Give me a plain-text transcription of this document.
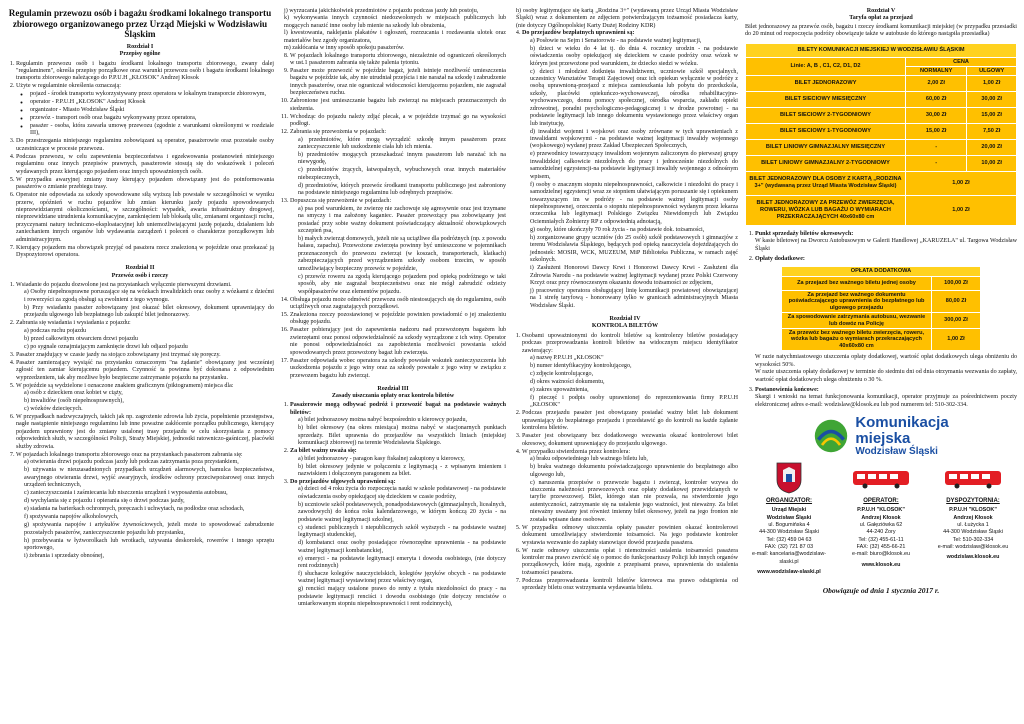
Regulamin przewozu osób i bagażu środkami lokalnego transportu zbiorowego organizowanego przez Urząd Miejski w Wodzisławiu Śląskim
Rozdział I
Przepisy ogólne
1. Regulamin przewozu osób i bagażu środkami lokalnego transportu zbiorowego, zwany dalej "regulaminem", określa przepisy porządkowe oraz warunki przewozu osób i bagażu środkami lokalnego transportu zbiorowego należącego do P.P.U.H „KŁOSOK" Andrzej Kłosok
2. Użyte w regulaminie określenia oznaczają:
◦ pojazd - środek transportu wykorzystywany przez operatora w lokalnym transporcie zbiorowym,
◦ operator - P.P.U.H „KŁOSOK" Andrzej Kłosok
◦ organizator - Miasto Wodzisław Śląski
◦ przewóz - transport osób oraz bagażu wykonywany przez operatora,
◦ pasażer - osoba, która zawarła umowę przewozu (zgodnie z warunkami określonymi w rozdziale III),
3. Do przestrzegania niniejszego regulaminu zobowiązani są operator, pasażerowie oraz pozostałe osoby uczestniczące w procesie przewozu.
4. Podczas przewozu, w celu zapewnienia bezpieczeństwa i egzekwowania postanowień niniejszego regulaminu oraz innych przepisów prawnych, pasażerowie stosują się do wskazówek i poleceń wydawanych przez kierującego pojazdem oraz innych upoważnionych osób.
5. W przypadku awaryjnej zmiany trasy kierujący pojazdem obowiązany jest do poinformowania pasażerów o zmianie przebiegu trasy.
6. Operator nie odpowiada za szkody spowodowane siłą wyższą lub powstałe w szczególności w wyniku przerw, opóźnień w ruchu pojazdów lub zmian kierunku jazdy pojazdu spowodowanych nieprzewidzianymi okolicznościami, w szczególności: wypadek, awaria infrastruktury drogowej, nieprzewidziane utrudnienia komunikacyjne, zamknięciem lub blokadą ulic, zmianami organizacji ruchu, przyczynami natury techniczno-eksploatacyjnej lub uniemożliwiającymi jazdę pojazdu, działaniem lub zaniechaniem innych organów lub wydawania zarządzeń i poleceń o charakterze porządkowym lub administracyjnym.
7. Kierujący pojazdem ma obowiązek przyjąć od pasażera rzecz znalezioną w pojeździe oraz przekazać ją Dyspozytorowi operatora.
Rozdział II
Przewóz osób i rzeczy
1. Wsiadanie do pojazdu dozwolone jest na przystankach wyłącznie pierwszymi drzwiami.
a) Osoby niepełnosprawne poruszające się na wózkach inwalidzkich oraz osoby z wózkami z dziećmi i rowerzyści za zgodą obsługi są zwolnieni z tego wymogu.
b) Przy wsiadaniu pasażer zobowiązany jest okazać bilet okresowy, dokument uprawniający do przejazdu ulgowego lub bezpłatnego lub zakupić bilet jednorazowy.
2. Zabrania się wsiadania i wysiadania z pojazdu:
a) podczas ruchu pojazdu
b) przed całkowitym otwarciem drzwi pojazdu
c) po sygnale oznajmiającym zamknięcie drzwi lub odjazd pojazdu
3. Pasażer znajdujący w czasie jazdy na stojąco zobowiązany jest trzymać się poręczy.
4. Pasażer zamierzający wysiąść na przystanku oznaczonym "na żądanie" obowiązany jest wcześniej zgłosić ten zamiar kierującemu pojazdem. Czynność ta powinna być dokonana z odpowiednim wyprzedzeniem, tak aby możliwe było bezpieczne zatrzymanie pojazdu na przystanku.
5. W pojeździe są wydzielone i oznaczone znakiem graficznym (piktogramem) miejsca dla:
a) osób z dzieckiem oraz kobiet w ciąży,
b) inwalidów (osób niepełnosprawnych),
c) wózków dziecięcych.
6. W przypadkach nadzwyczajnych, takich jak np. zagrożenie zdrowia lub życia, popełnienie przestępstwa, nagłe nastąpienie niniejszego regulaminu lub inne poważne zakłócenie porządku publicznego, kierujący pojazdem uprawniony jest do zmiany ustalonej trasy przejazdu w celu skorzystania z pomocy odpowiednich służb, w szczególności Policji, Straży Miejskiej, jednostki ratowniczo-gaśniczej, placówki służby zdrowia.
7. W pojazdach lokalnego transportu zbiorowego oraz na przystankach pasażerom zabrania się:
a) otwierania drzwi pojazdu podczas jazdy lub podczas zatrzymania poza przystankiem,
b) używania w nieuzasadnionych przypadkach urządzeń alarmowych, hamulca bezpieczeństwa, awaryjnego otwierania drzwi, wyjść awaryjnych, środków ochrony przeciwpożarowej oraz innych urządzeń technicznych,
c) zanieczyszczania i zaśmiecania lub niszczenia urządzeń i wyposażenia autobusu,
d) wychylania się z pojazdu i opierania się o drzwi podczas jazdy,
e) siadania na barierkach ochronnych, poręczach i uchwytach, na podłodze oraz schodach,
f) spożywania napojów alkoholowych,
g) spożywania napojów i artykułów żywnościowych, jeżeli może to spowodować zabrudzenie pozostałych pasażerów, zanieczyszczenie pojazdu lub przystanku,
h) przebywania w łyżworolkach lub wrotkach, używania deskorolek, rowerów i innego sprzętu sportowego,
i) żebrania i sprzedaży obnośnej,
j) wyrzucania jakichkolwiek przedmiotów z pojazdu podczas jazdy lub postoju,
k) wykonywania innych czynności niedozwolonych w miejscach publicznych lub mogących narazić inne osoby lub mienie na szkody lub obrażenia,
l) kwestowania, naklejania plakatów i ogłoszeń, rozrzucania i rozdawania ulotek oraz materiałów bez zgody organizatora,
m) zakłócania w inny sposób spokoju pasażerów.
8. W pojazdach lokalnego transportu zbiorowego, niezależnie od ograniczeń określonych w ust.1 pasażerom zabrania się także palenia tytoniu.
9. Pasażer może przewozić w pojeździe bagaż, jeżeli istnieje możliwość umieszczenia bagażu w pojeździe tak, aby nie utrudniał przejścia i nie narażał na szkodę i zabrudzenie innych pasażerów, oraz nie ograniczał widoczności kierującemu pojazdem, nie zagrażał bezpieczeństwu ruchu.
10. Zabronione jest umieszczanie bagażu lub zwierząt na miejscach przeznaczonych do siedzenia.
11. Wchodząc do pojazdu należy zdjąć plecak, a w pojeździe trzymać go na wysokości podłogi.
12. Zabrania się przewożenia w pojazdach:
a) przedmiotów, które mogą wyrządzić szkodę innym pasażerom przez zanieczyszczenie lub uszkodzenie ciała lub ich mienia.
b) przedmiotów mogących przeszkadzać innym pasażerom lub narażać ich na niewygodę,
c) przedmiotów żrących, łatwopalnych, wybuchowych oraz innych materiałów niebezpiecznych,
d) przedmiotów, których przewóz środkami transportu publicznego jest zabroniony na podstawie niniejszego regulaminu lub odrębnych przepisów.
13. Dopuszcza się przewożenie w pojazdach:
a) psa pod warunkiem, że zwierzę nie zachowuje się agresywnie oraz jest trzymane na smyczy i ma założony kaganiec. Pasażer przewożący psa zobowiązany jest posiadać przy sobie ważny dokument poświadczający aktualność obowiązkowych szczepień psa,
b) małych zwierząt domowych, jeżeli nie są uciążliwe dla podróżnych (np. z powodu hałasu, zapachu). Przewożone zwierzęta powinny być umieszczone w pojemnikach przeznaczonych do przewozu zwierząt (w koszach, transporterach, klatkach) zabezpieczających przed wyrządzeniem szkody osobom trzecim, w sposób umożliwiający bezpieczny przewóz w pojeździe,
c) przewóz roweru za zgodą kierującego pojazdem pod opieką podróżnego w taki sposób, aby nie zagrażał bezpieczeństwu oraz nie mógł zabrudzić odzieży współpasażerów oraz elementów pojazdu.
14. Obsługa pojazdu może odmówić przewozu osób niestosujących się do regulaminu, osób uciążliwych oraz zagrażających porządkowi.
15. Znaleziona rzeczy pozostawionej w pojeździe powinien powiadomić o jej znalezieniu obsługę pojazdu.
16. Pasażer pobierający jest do zapewnienia nadzoru nad przewożonym bagażem lub zwierzętami oraz ponosi odpowiedzialność za szkody wyrządzone z ich winy. Operator nie ponosi odpowiedzialności za zapobieżenia możliwości powstania szkód spowodowanych przez przewożony bagaż lub zwierzęta.
17. Pasażer odpowiada wobec operatora za szkody powstałe wskutek zanieczyszczenia lub uszkodzenia pojazdu z jego winy oraz za szkody powstałe z jego winy w związku z przewozem bagażu lub zwierząt.
Rozdział III
Zasady uiszczania opłaty oraz kontrola biletów
1. Pasażerowie mogą odbywać podróż i przewozić bagaż na podstawie ważnych biletów:
a) bilet jednorazowy można nabyć bezpośrednio u kierowcy pojazdu,
b) bilet okresowy (na okres miesiąca) można nabyć w stacjonarnych punktach sprzedaży. Bilet uprawnia do przejazdów na wszystkich liniach (miejskiej komunikacji zbiorowej) na terenie Wodzisławia Śląskiego.
2. Za bilet ważny uważa się:
a) bilet jednorazowy - paragon kasy fiskalnej zakupiony u kierowcy,
b) bilet okresowy jedynie w połączeniu z legitymacją - z wpisanym imieniem i nazwiskiem i dołączonym paragonem za bilet.
3. Do przejazdów ulgowych uprawnieni są:
a) dzieci od 4 roku życia do rozpoczęcia nauki w szkole podstawowej - na podstawie oświadczenia osoby opiekującej się dzieckiem w czasie podróży,
b) uczniowie szkół podstawowych, ponadpodstawowych (gimnazjalnych, licealnych, zawodowych) do końca roku kalendarzowego, w którym kończą 20 życia - na podstawie ważnej legitymacji szkolnej,
c) studenci publicznych i niepublicznych szkół wyższych - na podstawie ważnej legitymacji studenckiej,
d) kombatanci oraz osoby posiadające równorzędne uprawnienia - na podstawie ważnej legitymacji kombatanckiej,
e) emeryci - na podstawie legitymacji emeryta i dowodu osobistego, (nie dotyczy rent rodzinnych)
f) słuchacze kolegiów nauczycielskich, kolegiów języków obcych - na podstawie ważnej legitymacji wystawionej przez właściwy organ,
g) renciści mający ustalone prawo do renty z tytułu niezdolności do pracy - na podstawie legitymacji renciści i dowodu osobistego (nie dotyczy rencistów o umiarkowanym stopniu niepełnosprawności i rent rodzinnych),
h) osoby legitymujące się kartą „Rodzina 3+" (wydawaną przez Urząd Miasta Wodzisław Śląski) wraz z dokumentem ze zdjęciem potwierdzającym tożsamość posiadacza karty, (nie dotyczy Ogólnopolskiej Karty Dużej Rodziny KDR)
4. Do przejazdów bezpłatnych uprawnieni są:
a) Posłowie na Sejm i Senatorowie - na podstawie ważnej legitymacji,
b) dzieci w wieku do 4 lat tj. do dnia 4. rocznicy urodzin - na podstawie oświadczenia osoby opiekującej się dzieckiem w czasie podróży oraz wózek w którym jest przewożone pod warunkiem, że dziecko siedzi w wózku.
c) dzieci i młodzież dotknięta inwalidztwem, uczniowie szkół specjalnych, uczestnicy Warsztatów Terapii Zajęciowej oraz ich opiekun wyłącznie w podróży z osobą uprawnioną-przejazd z miejsca zamieszkania lub pobytu do przedszkola, szkoły, placówki opiekuńczo-wychowawczej, ośrodka rehabilitacyjno-wychowawczego, domu pomocy społecznej, ośrodka wsparcia, zakładu opieki zdrowotnej, poradni psychologiczno-pedagogicznej i w drodze powrotnej - na podstawie legitymacji lub innego dokumentu wystawionego przez właściwy organ lub instytucję,
d) inwalidzi wojenni i wojskowi oraz osoby zrównane w tych uprawnieniach z inwalidami wojskowymi - na podstawie ważnej legitymacji inwalidy wojennego (wojskowego) wydanej przez Zakład Ubezpieczeń Społecznych,
e) przewodnicy towarzyszący inwalidom wojennym zaliczonym do pierwszej grupy inwalidzkiej całkowicie niezdolnych do pracy i jednocześnie niezdolnych do samodzielnej egzystencji-na podstawie legitymacji inwalidy wojennego z odnośnym wpisem,
f) osoby o znacznym stopniu niepełnosprawności, całkowicie i niezdolni do pracy i samodzielnej egzystencji wraz ze stopniem ułatwiającym poruszanie się i opiekunem towarzyszącym im w podróży - na podstawie ważnej legitymacji osoby niepełnosprawnej, orzeczenia o stopniu niepełnosprawności wydanym przez lekarza orzecznika lub legitymacji Polskiego Związku Niewidomych lub Związku Ociemniałych Żołnierzy RP z odpowiednią adnotacją,
g) osoby, które ukończyły 70 rok życia - na podstawie dok. tożsamości,
h) zorganizowane grupy uczniów (do 25 osób) szkół podstawowych i gimnazjów z terenu Wodzisławia Śląskiego, będących pod opieką nauczyciela dojeżdżających do jednostek: MOSIR, WCK, MUZEUM, MiP Biblioteka Publiczna, w ramach zajęć szkolnych.
i) Zasłużeni Honorowi Dawcy Krwi i Honorowi Dawcy Krwi - Zasłużeni dla Zdrowia Narodu - na podstawie ważnej legitymacji wydanej przez Polski Czerwony Krzyż oraz przy równoczesnym okazaniu dowodu tożsamości ze zdjęciem,
j) pracownicy operatora obsługującej linię komunikacji powiatowej obowiązującej na 1 strefę taryfową - honorowany tylko w granicach administracyjnych Miasta Wodzisław Śląski.
Rozdział IV
KONTROLA BILETÓW
1. Osobami upoważnionymi do kontroli biletów są kontrolerzy biletów posiadający podczas przeprowadzania kontroli biletów na widocznym miejscu identyfikator zawierający:
a) nazwę P.P.U.H „KŁOSOK"
b) numer identyfikacyjny kontrolującego,
c) zdjęcie kontrolującego,
d) okres ważności dokumentu,
e) zakres upoważnienia,
f) pieczęć i podpis osoby uprawnionej do reprezentowania firmy P.P.U.H „KŁOSOK"
2. Podczas przejazdu pasażer jest obowiązany posiadać ważny bilet lub dokument uprawniający do bezpłatnego przejazdu i przedstawić go do kontroli na każde żądanie kontrolera biletów.
3. Pasażer jest obowiązany bez dodatkowego wezwania okazać kontrolerowi bilet okresowy, dokument uprawniający do przejazdu ulgowego.
4. W przypadku stwierdzenia przez kontrolera:
a) braku odpowiedniego lub ważnego biletu lub,
b) braku ważnego dokumentu poświadczającego uprawnienie do bezpłatnego albo ulgowego lub,
c) naruszenia przepisów o przewozie bagażu i zwierząt, kontroler wzywa do uiszczenia należności przewozowych oraz opłaty dodatkowej przewidzianych w taryfie przewozowej. Bilet, którego stan nie pozwala, na stwierdzenie jego autentyczności, zatrzymanie się na ustalenie jego ważności, jest nieważny. Za bilet nieważny uważany jest również imienny bilet okresowy, jeżeli na jego fronton nie została wpisane dane osobowe.
5. W przypadku odmowy uiszczenia opłaty pasażer powinien okazać kontrolerowi dokument umożliwiający stwierdzenie tożsamości. Na jego podstawie kontroler wystawia wezwanie do zapłaty stanowiące dowód przejazdu pasażera.
6. W razie odmowy uiszczenia opłat i niemożności ustalenia tożsamości pasażera kontroler ma prawo zwrócić się o pomoc do funkcjonariuszy Policji lub innych organów porządkowych, które mają, zgodnie z przepisami prawa, uprawnienia do ustalenia tożsamości pasażera.
7. Podczas przeprowadzania kontroli biletów kierowca ma prawo odstąpienia od sprzedaży biletu oraz wstrzymania wydawania biletu.
Rozdział V
Taryfa opłat za przejazd

Bilet jednorazowy za przewóz osób, bagażu i rzeczy środkami komunikacji miejskiej (w przypadku przesiadki do 20 minut od rozpoczęcia podróży obowiązuje także w autobusie do którego nastąpiła przesiadka)

BILETY KOMUNIKACJI MIEJSKIEJ W WODZISŁAWIU ŚLĄSKIM		
Linie: A, B , C1, C2, D1, D2	CENA	
	NORMALNY	ULGOWY
BILET JEDNORAZOWY	2,00 Zł	1,00 Zł
BILET SIECIOWY MIESIĘCZNY	60,00 Zł	30,00 Zł
BILET SIECIOWY 2-TYGODNIOWY	30,00 Zł	15,00 Zł
BILET SIECIOWY 1-TYGODNIOWY	15,00 Zł	7,50 Zł
BILET LINIOWY GIMNAZJALNY MIESIĘCZNY	-	20,00 Zł
BILET LINIOWY GIMNAZJALNY 2-TYGODNIOWY	-	10,00 Zł
BILET JEDNORAZOWY DLA OSOBY Z KARTĄ „RODZINA 3+" (wydawaną przez Urząd Miasta Wodzisław Śląski)	1,00 Zł	
BILET JEDNORAZOWY ZA PRZEWÓZ ZWIERZĘCIA, ROWERU, WÓZKA LUB BAGAŻU O WYMIARACH PRZEKRACZAJĄCYCH 40x60x80 cm	1,00 Zł	
1. Punkt sprzedaży biletów okresowych:
W kasie biletowej na Dworcu Autobusowym w Galerii Handlowej „KARUZELA" ul. Targowa Wodzisław Śląski
2. Opłaty dodatkowe:
OPŁATA DODATKOWA	
Za przejazd bez ważnego biletu jednej osoby	100,00 Zł
Za przejazd bez ważnego dokumentu poświadczającego uprawnienia do bezpłatnego lub ulgowego przejazdu	80,00 Zł
Za spowodowanie zatrzymania autobusu, wezwanie lub dowóz na Policję	300,00 Zł
Za przewóz bez ważnego biletu zwierzęcia, roweru, wózka lub bagażu o wymiarach przekraczających 40x60x80 cm	1,00 Zł

W razie natychmiastowego uiszczenia opłaty dodatkowej, wartość opłat dodatkowych ulega obniżeniu do wysokości 50%.

W razie uiszczenia opłaty dodatkowej w terminie do siedmiu dni od dnia otrzymania wezwania do zapłaty, wartość opłat dodatkowych ulega obniżeniu o 30 %.

3. Postanowienia końcowe:
Skargi i wnioski na temat funkcjonowania komunikacji, operator przyjmuje za pośrednictwem poczty elektronicznej adres e-mail: wodzislaw@klosok.eu lub pod numerem tel: 510-302-334.
Komunikacja
miejska
Wodzisław Śląski
ORGANIZATOR:
Urząd Miejski
Wodzisław Śląski
ul. Bogumińska 4
44-300 Wodzisław Śląski
Tel: (32) 459 04 63
FAX: (32) 721 87 03
e-mail: kancelaria@wodzislaw-slaski.pl
www.wodzislaw-slaski.pl
OPERATOR:
P.P.U.H "KLOSOK"
Andrzej Kłosok
ul. Gałęziówka 62
44-240 Żory
Tel: (32) 455-61-11
FAX: (32) 455-66-21
e-mail: biuro@klosok.eu
www.klosok.eu
DYSPOZYTORNIA:
P.P.U.H "KLOSOK"
Andrzej Kłosok
ul. Łużycka 1
44-300 Wodzisław Śląski
Tel: 510-302-334
e-mail: wodzislaw@klosok.eu
wodzislaw.klosok.eu
Obowiązuje od dnia 1 stycznia 2017 r.
